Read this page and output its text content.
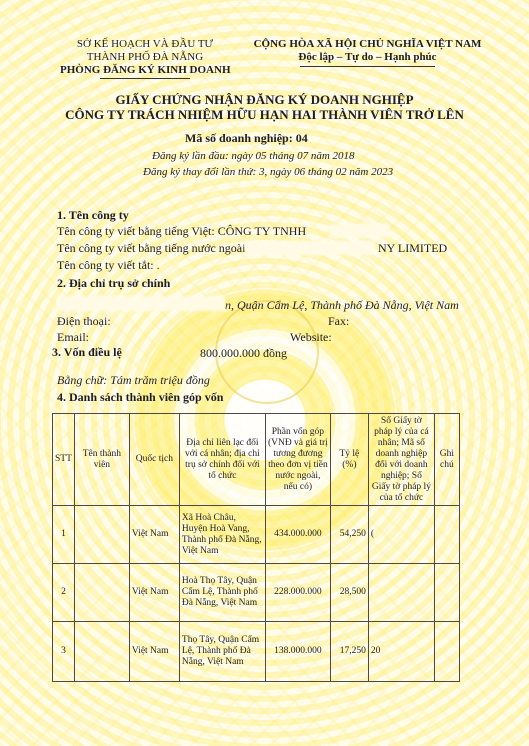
SỞ KẾ HOẠCH VÀ ĐẦU TƯ
THÀNH PHỐ ĐÀ NẴNG
PHÒNG ĐĂNG KÝ KINH DOANH
CỘNG HÒA XÃ HỘI CHỦ NGHĨA VIỆT NAM
Độc lập – Tự do – Hạnh phúc
GIẤY CHỨNG NHẬN ĐĂNG KÝ DOANH NGHIỆP
CÔNG TY TRÁCH NHIỆM HỮU HẠN HAI THÀNH VIÊN TRỞ LÊN
Mã số doanh nghiệp: 04
Đăng ký lần đầu: ngày 05 tháng 07 năm 2018
Đăng ký thay đổi lần thứ: 3, ngày 06 tháng 02 năm 2023
1. Tên công ty
Tên công ty viết bằng tiếng Việt: CÔNG TY TNHH
Tên công ty viết bằng tiếng nước ngoài	NY LIMITED
Tên công ty viết tắt: .
2. Địa chỉ trụ sở chính
n, Quận Cẩm Lệ, Thành phố Đà Nẵng, Việt Nam
Điện thoại:	Fax:
Email:	Website:
3. Vốn điều lệ	800.000.000 đồng
Bằng chữ: Tám trăm triệu đồng
4. Danh sách thành viên góp vốn
STT	Tên thành viên	Quốc tịch	Địa chỉ liên lạc đối với cá nhân; địa chỉ trụ sở chính đối với tổ chức	Phần vốn góp (VNĐ và giá trị tương đương theo đơn vị tiền nước ngoài, nếu có)	Tỷ lệ (%)	Số Giấy tờ pháp lý của cá nhân; Mã số doanh nghiệp đối với doanh nghiệp; Số Giấy tờ pháp lý của tổ chức	Ghi chú
1		Việt Nam	Xã Hoà Châu, Huyện Hoà Vang, Thành phố Đà Nẵng, Việt Nam	434.000.000	54,250	(	
2		Việt Nam	Hoà Thọ Tây, Quận Cẩm Lệ, Thành phố Đà Nẵng, Việt Nam	228.000.000	28,500		
3		Việt Nam	Thọ Tây, Quận Cẩm Lệ, Thành phố Đà Nẵng, Việt Nam	138.000.000	17,250	20	
